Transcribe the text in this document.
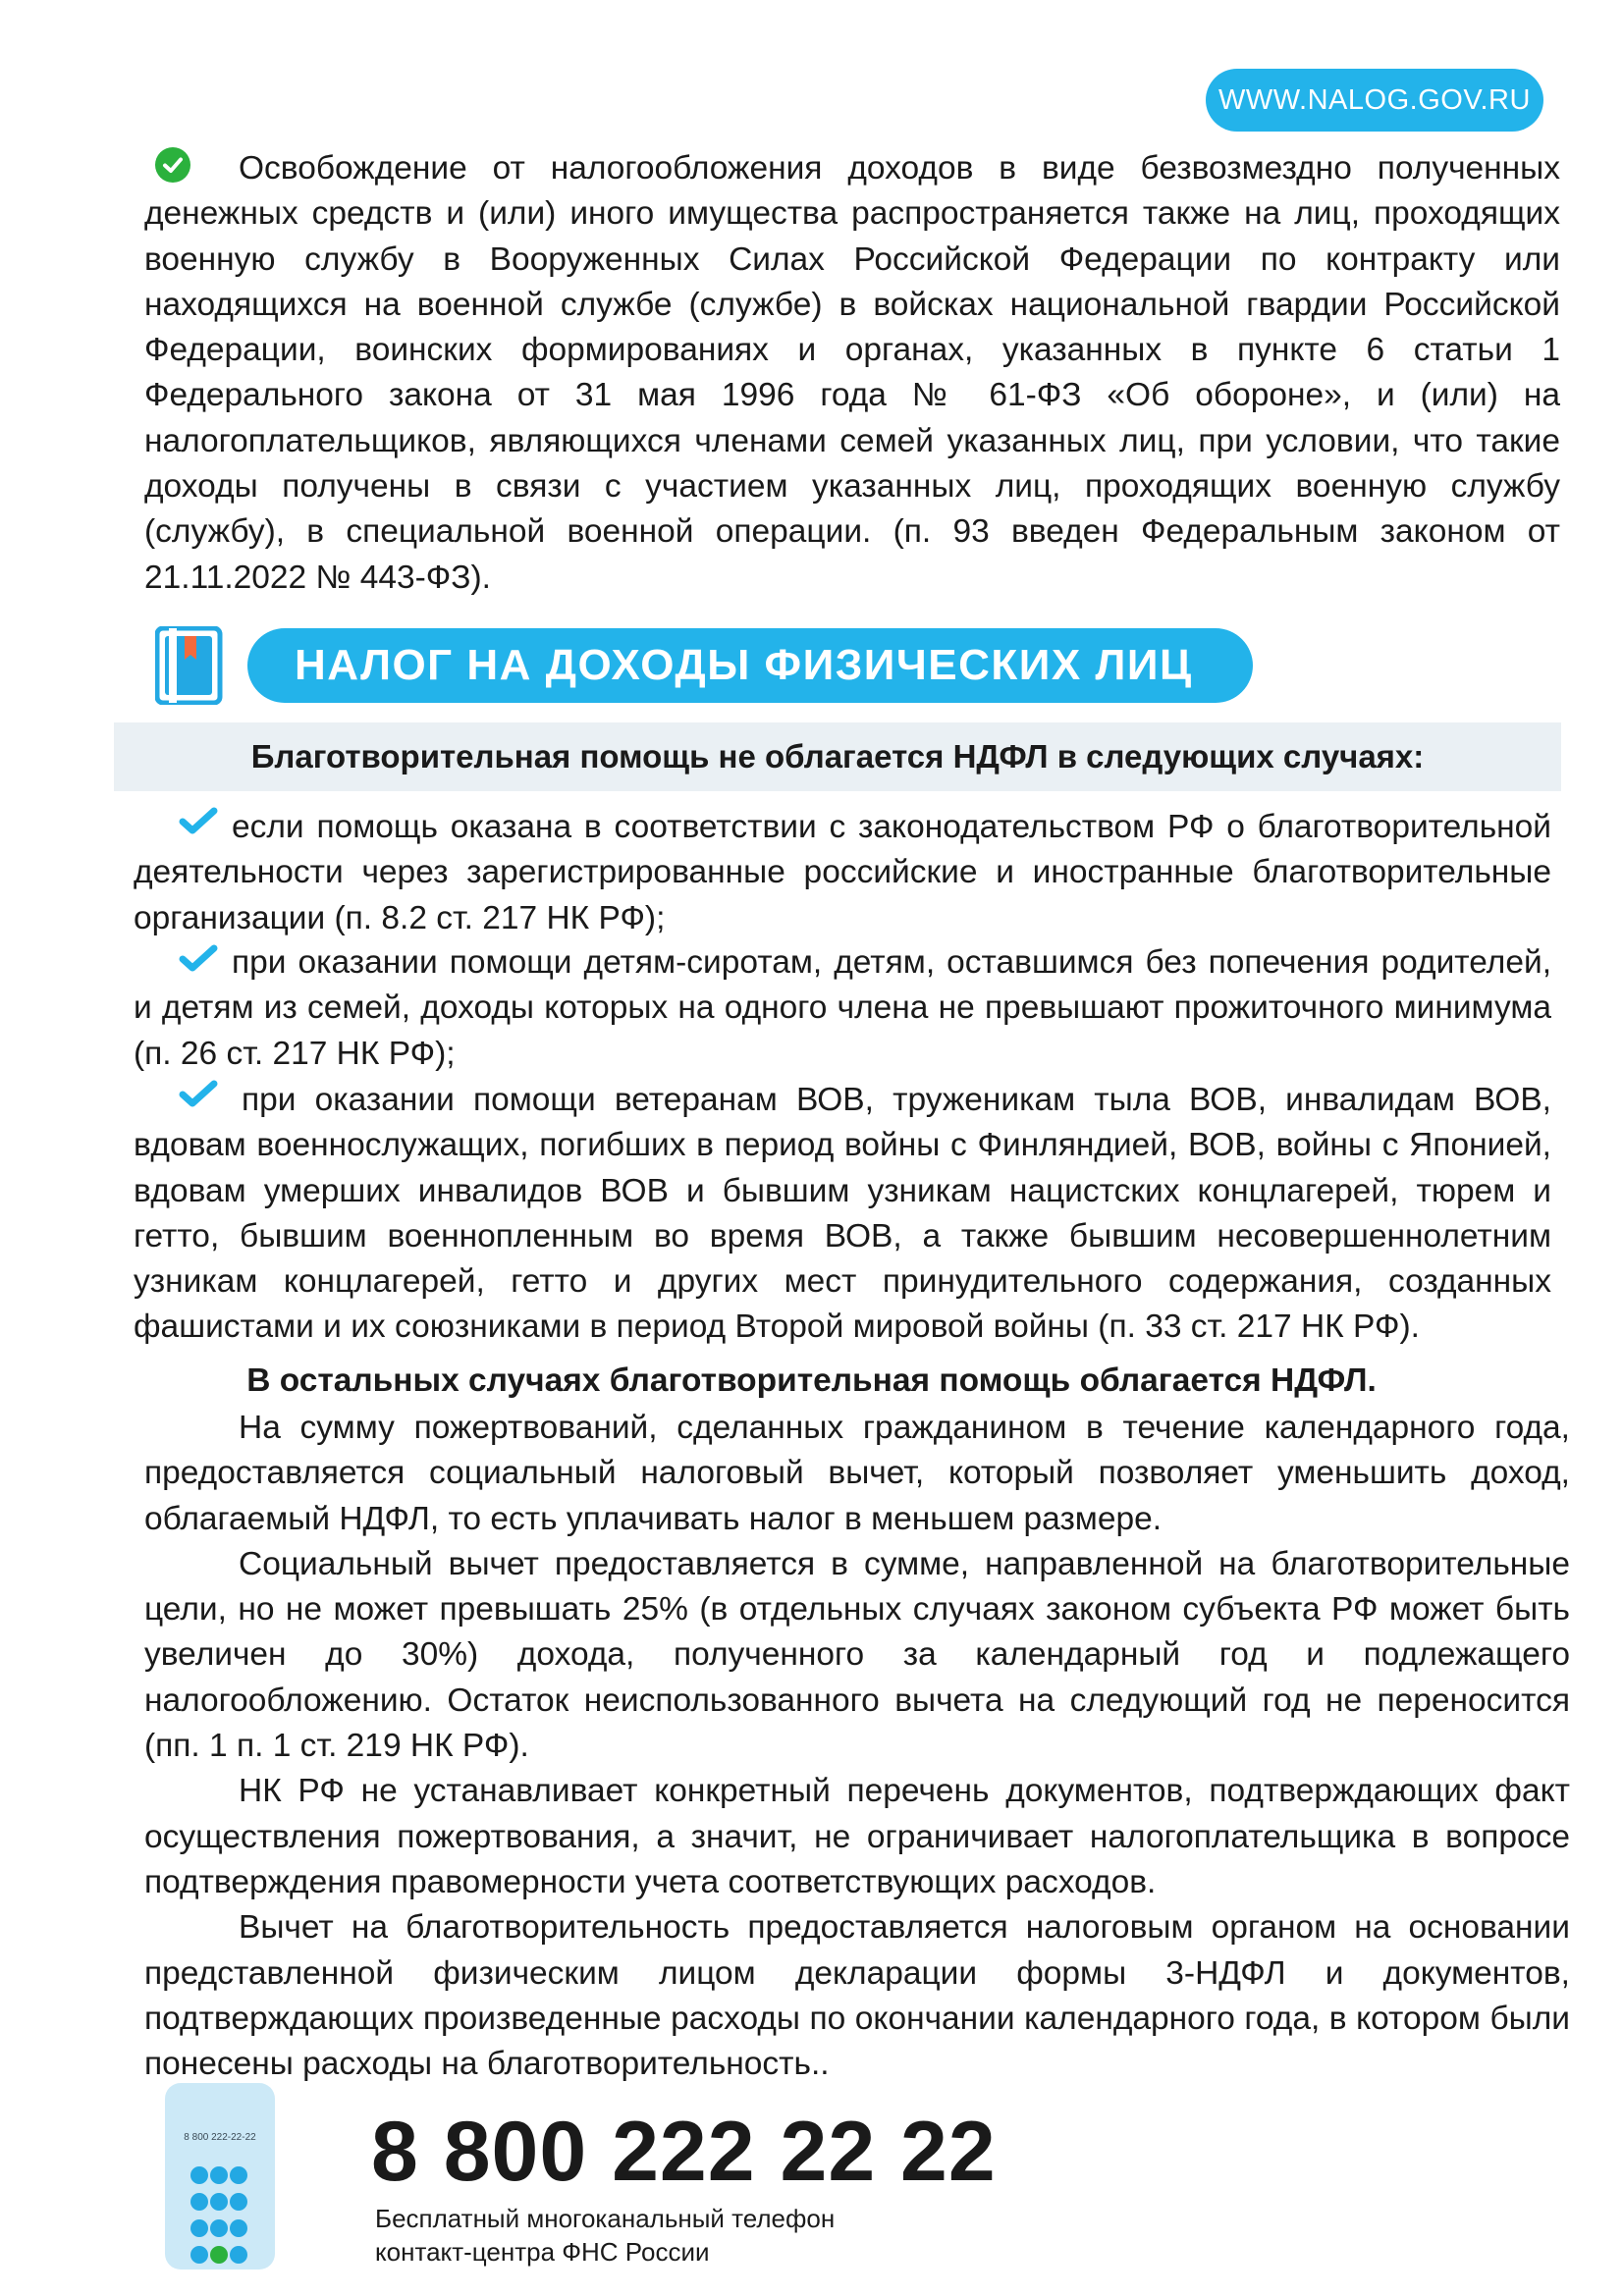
WWW.NALOG.GOV.RU

Освобождение от налогообложения доходов в виде безвозмездно полученных денежных средств и (или) иного имущества распространяется также на лиц, проходящих военную службу в Вооруженных Силах Российской Федерации по контракту или находящихся на военной службе (службе) в войсках национальной гвардии Российской Федерации, воинских формированиях и органах, указанных в пункте 6 статьи 1 Федерального закона от 31 мая 1996 года № 61-ФЗ «Об обороне», и (или) на налогоплательщиков, являющихся членами семей указанных лиц, при условии, что такие доходы получены в связи с участием указанных лиц, проходящих военную службу (службу), в специальной военной операции. (п. 93 введен Федеральным законом от 21.11.2022 № 443-ФЗ).

НАЛОГ НА ДОХОДЫ ФИЗИЧЕСКИХ ЛИЦ
Благотворительная помощь не облагается НДФЛ в следующих случаях:

если помощь оказана в соответствии с законодательством РФ о благотворительной деятельности через зарегистрированные российские и иностранные благотворительные организации (п. 8.2 ст. 217 НК РФ);

при оказании помощи детям-сиротам, детям, оставшимся без попечения родителей, и детям из семей, доходы которых на одного члена не превышают прожиточного минимума (п. 26 ст. 217 НК РФ);

при оказании помощи ветеранам ВОВ, труженикам тыла ВОВ, инвалидам ВОВ, вдовам военнослужащих, погибших в период войны с Финляндией, ВОВ, войны с Японией, вдовам умерших инвалидов ВОВ и бывшим узникам нацистских концлагерей, тюрем и гетто, бывшим военнопленным во время ВОВ, а также бывшим несовершеннолетним узникам концлагерей, гетто и других мест принудительного содержания, созданных фашистами и их союзниками в период Второй мировой войны (п. 33 ст. 217 НК РФ).

В остальных случаях благотворительная помощь облагается НДФЛ.

На сумму пожертвований, сделанных гражданином в течение календарного года, предоставляется социальный налоговый вычет, который позволяет уменьшить доход, облагаемый НДФЛ, то есть уплачивать налог в меньшем размере.

Социальный вычет предоставляется в сумме, направленной на благотворительные цели, но не может превышать 25% (в отдельных случаях законом субъекта РФ может быть увеличен до 30%) дохода, полученного за календарный год и подлежащего налогообложению. Остаток неиспользованного вычета на следующий год не переносится (пп. 1 п. 1 ст. 219 НК РФ).

НК РФ не устанавливает конкретный перечень документов, подтверждающих факт осуществления пожертвования, а значит, не ограничивает налогоплательщика в вопросе подтверждения правомерности учета соответствующих расходов.

Вычет на благотворительность предоставляется налоговым органом на основании представленной физическим лицом декларации формы 3-НДФЛ и документов, подтверждающих произведенные расходы по окончании календарного года, в котором были понесены расходы на благотворительность..

8 800 222-22-22
8 800 222 22 22
Бесплатный многоканальный телефон
контакт-центра ФНС России
